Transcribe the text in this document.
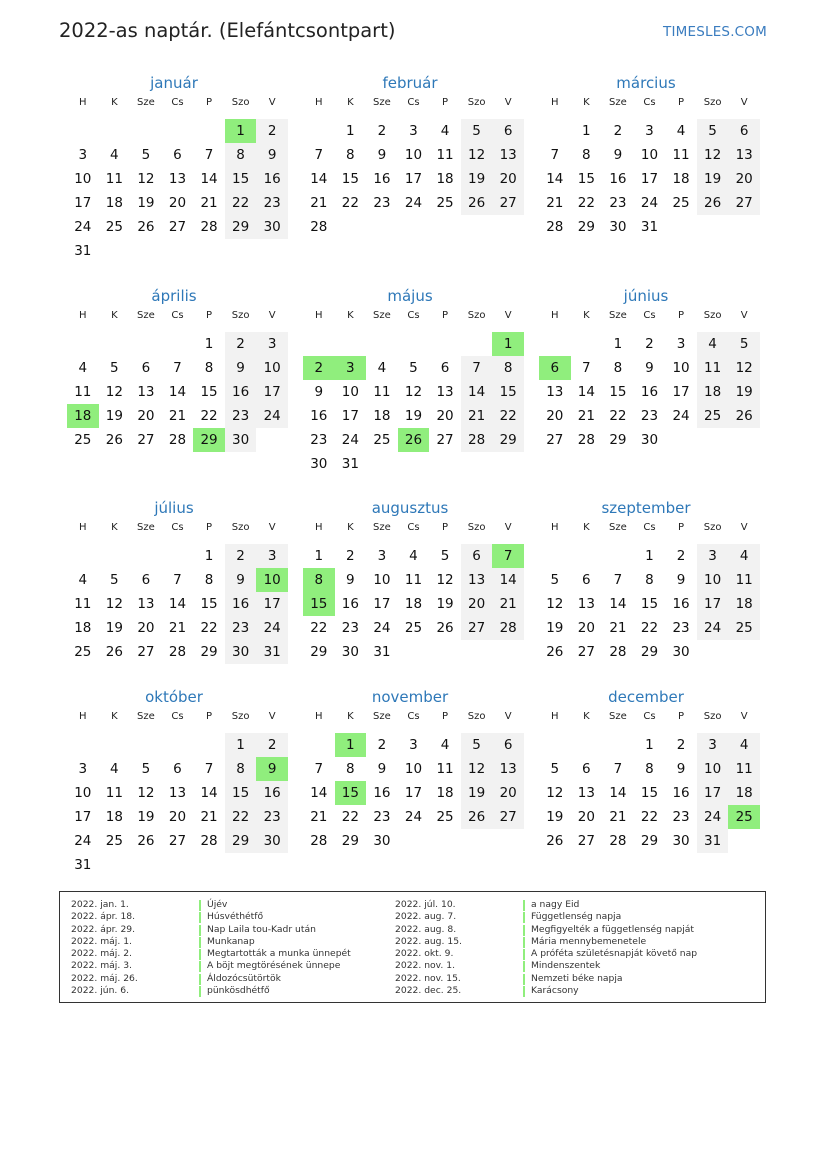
2022-as naptár. (Elefántcsontpart)	TIMESLES.COM
január
H	K	Sze	Cs	P	Szo	V
					1	2
3	4	5	6	7	8	9
10	11	12	13	14	15	16
17	18	19	20	21	22	23
24	25	26	27	28	29	30
31						
február
H	K	Sze	Cs	P	Szo	V
	1	2	3	4	5	6
7	8	9	10	11	12	13
14	15	16	17	18	19	20
21	22	23	24	25	26	27
28						
március
H	K	Sze	Cs	P	Szo	V
	1	2	3	4	5	6
7	8	9	10	11	12	13
14	15	16	17	18	19	20
21	22	23	24	25	26	27
28	29	30	31			
április
H	K	Sze	Cs	P	Szo	V
				1	2	3
4	5	6	7	8	9	10
11	12	13	14	15	16	17
18	19	20	21	22	23	24
25	26	27	28	29	30	
május
H	K	Sze	Cs	P	Szo	V
						1
2	3	4	5	6	7	8
9	10	11	12	13	14	15
16	17	18	19	20	21	22
23	24	25	26	27	28	29
30	31					
június
H	K	Sze	Cs	P	Szo	V
		1	2	3	4	5
6	7	8	9	10	11	12
13	14	15	16	17	18	19
20	21	22	23	24	25	26
27	28	29	30			
július
H	K	Sze	Cs	P	Szo	V
				1	2	3
4	5	6	7	8	9	10
11	12	13	14	15	16	17
18	19	20	21	22	23	24
25	26	27	28	29	30	31
augusztus
H	K	Sze	Cs	P	Szo	V
1	2	3	4	5	6	7
8	9	10	11	12	13	14
15	16	17	18	19	20	21
22	23	24	25	26	27	28
29	30	31				
szeptember
H	K	Sze	Cs	P	Szo	V
			1	2	3	4
5	6	7	8	9	10	11
12	13	14	15	16	17	18
19	20	21	22	23	24	25
26	27	28	29	30		
október
H	K	Sze	Cs	P	Szo	V
					1	2
3	4	5	6	7	8	9
10	11	12	13	14	15	16
17	18	19	20	21	22	23
24	25	26	27	28	29	30
31						
november
H	K	Sze	Cs	P	Szo	V
	1	2	3	4	5	6
7	8	9	10	11	12	13
14	15	16	17	18	19	20
21	22	23	24	25	26	27
28	29	30				
december
H	K	Sze	Cs	P	Szo	V
			1	2	3	4
5	6	7	8	9	10	11
12	13	14	15	16	17	18
19	20	21	22	23	24	25
26	27	28	29	30	31	
2022. jan. 1.	Újév
2022. ápr. 18.	Húsvéthétfő
2022. ápr. 29.	Nap Laila tou-Kadr után
2022. máj. 1.	Munkanap
2022. máj. 2.	Megtartották a munka ünnepét
2022. máj. 3.	A böjt megtörésének ünnepe
2022. máj. 26.	Áldozócsütörtök
2022. jún. 6.	pünkösdhétfő
2022. júl. 10.	a nagy Eid
2022. aug. 7.	Függetlenség napja
2022. aug. 8.	Megfigyelték a függetlenség napját
2022. aug. 15.	Mária mennybemenetele
2022. okt. 9.	A próféta születésnapját követő nap
2022. nov. 1.	Mindenszentek
2022. nov. 15.	Nemzeti béke napja
2022. dec. 25.	Karácsony
